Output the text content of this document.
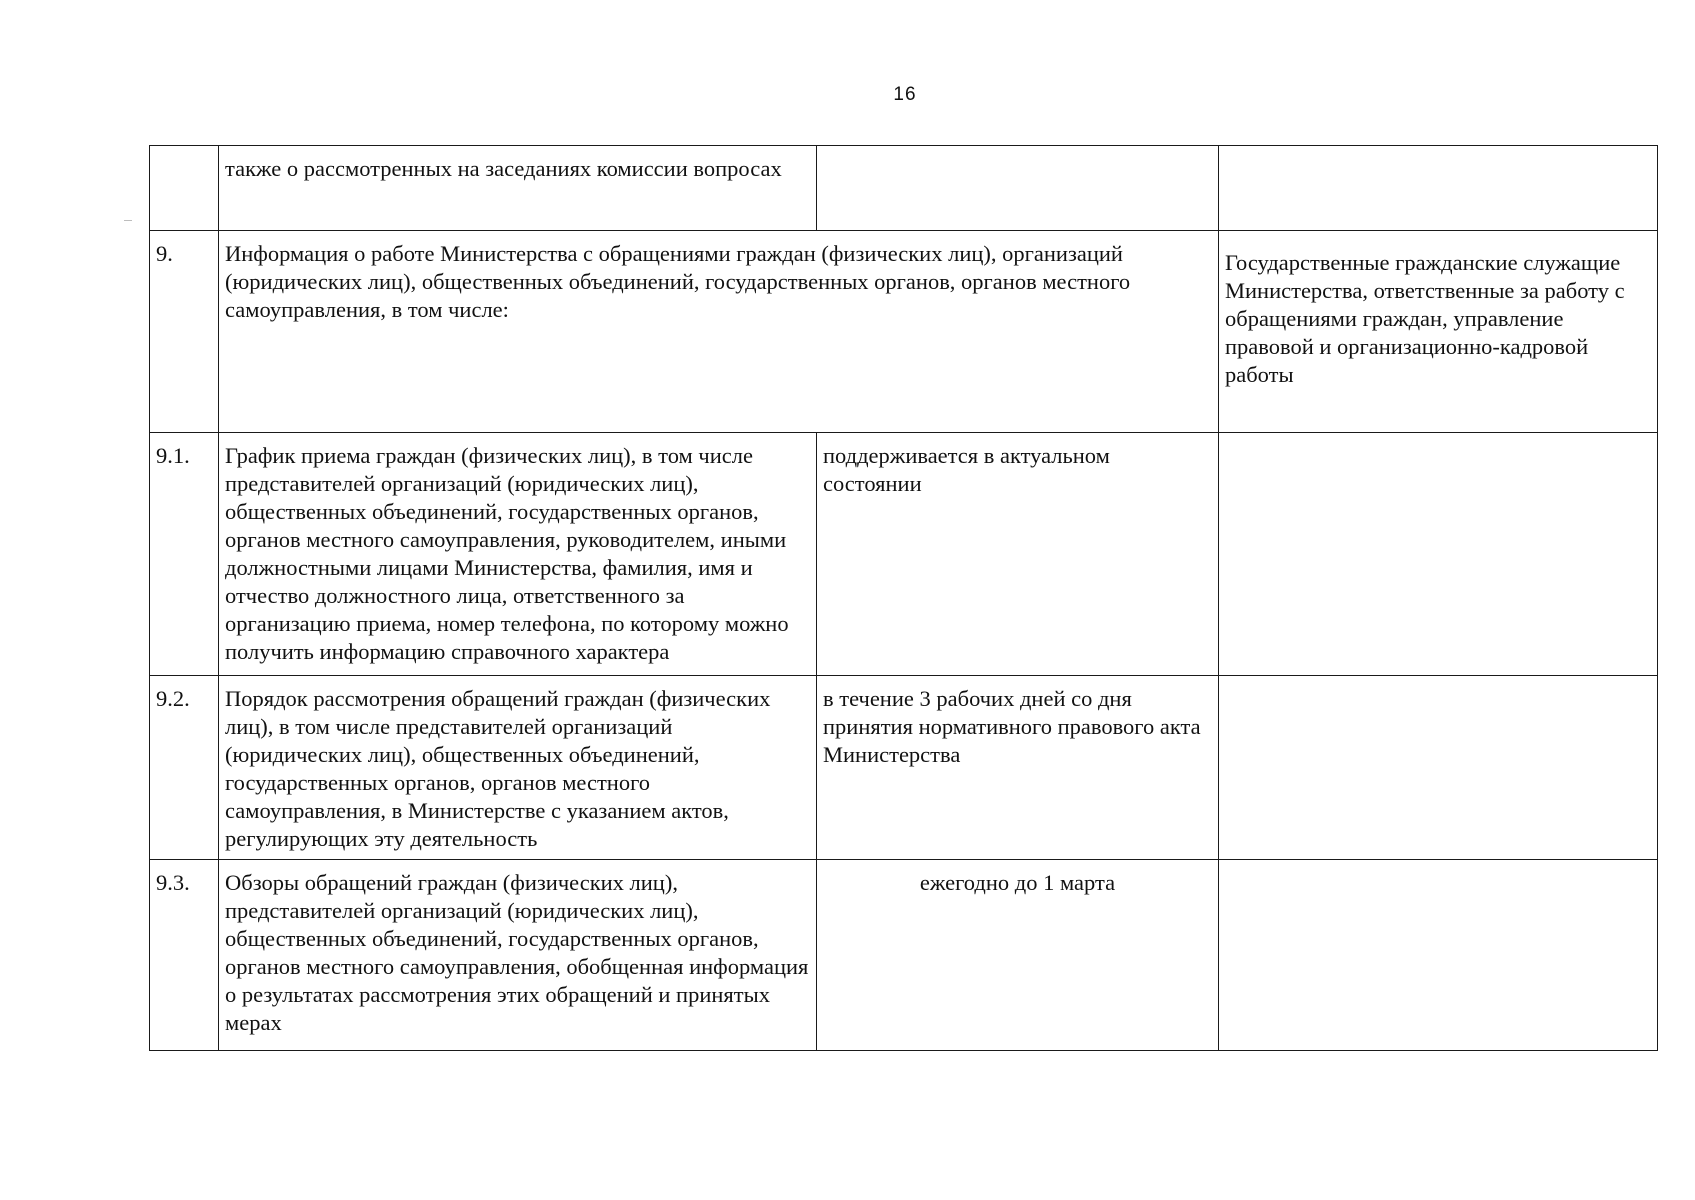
16
	также о рассмотренных на заседаниях комиссии вопросах		
9.	Информация о работе Министерства с обращениями граждан (физических лиц), организаций (юридических лиц), общественных объединений, государственных органов, органов местного самоуправления, в том числе:		Государственные гражданские служащие Министерства, ответственные за работу с обращениями граждан, управление правовой и организационно-кадровой работы
9.1.	График приема граждан (физических лиц), в том числе представителей организаций (юридических лиц), общественных объединений, государственных органов, органов местного самоуправления, руководителем, иными должностными лицами Министерства, фамилия, имя и отчество должностного лица, ответственного за организацию приема, номер телефона, по которому можно получить информацию справочного характера	поддерживается в актуальном состоянии	
9.2.	Порядок рассмотрения обращений граждан (физических лиц), в том числе представителей организаций (юридических лиц), общественных объединений, государственных органов, органов местного самоуправления, в Министерстве с указанием актов, регулирующих эту деятельность	в течение 3 рабочих дней со дня принятия нормативного правового акта Министерства	
9.3.	Обзоры обращений граждан (физических лиц), представителей организаций (юридических лиц), общественных объединений, государственных органов, органов местного самоуправления, обобщенная информация о результатах рассмотрения этих обращений и принятых мерах	ежегодно до 1 марта	
